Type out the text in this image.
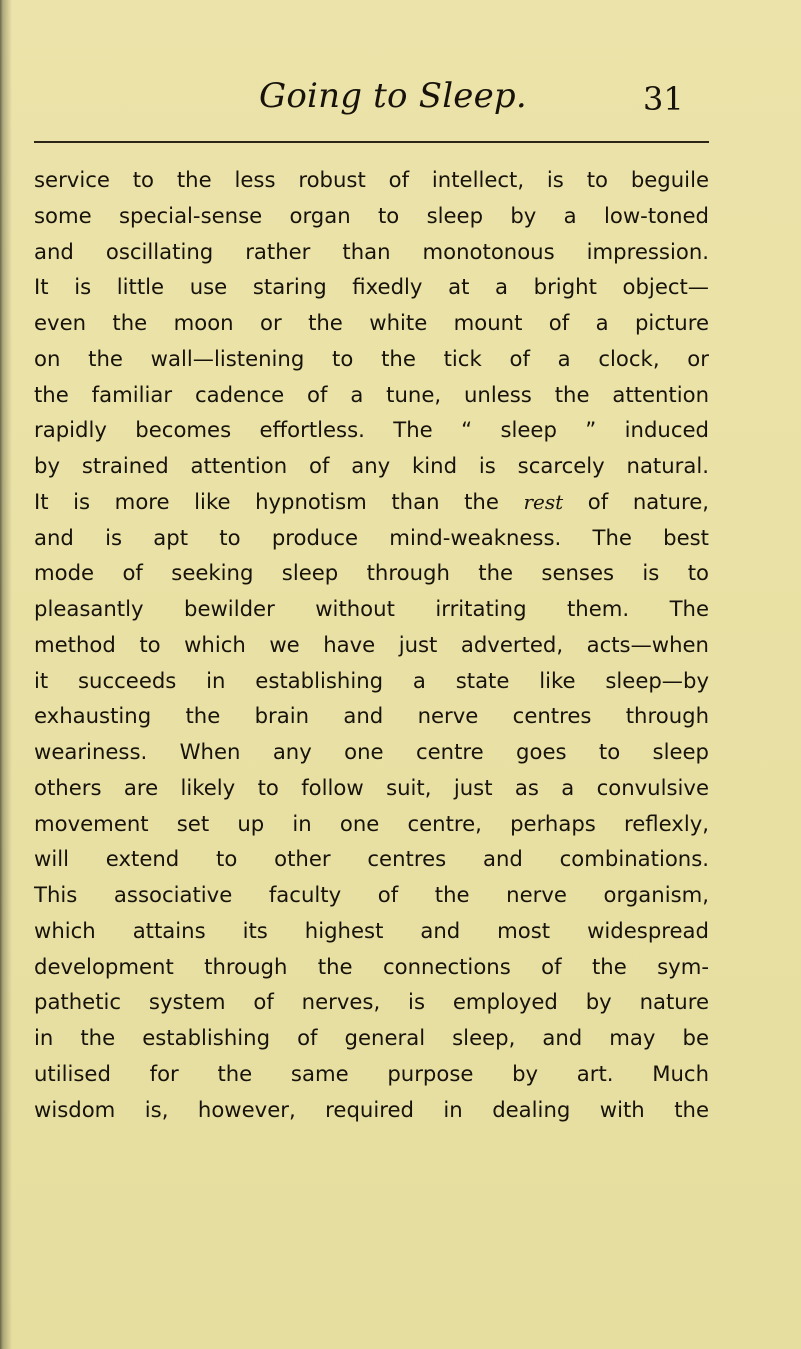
Going to Sleep.	31
service to the less robust of intellect, is to beguile
some special-sense organ to sleep by a low-toned
and oscillating rather than monotonous impression.
It is little use staring fixedly at a bright object—
even the moon or the white mount of a picture
on the wall—listening to the tick of a clock, or
the familiar cadence of a tune, unless the attention
rapidly becomes effortless. The “ sleep ” induced
by strained attention of any kind is scarcely natural.
It is more like hypnotism than the rest of nature,
and is apt to produce mind-weakness. The best
mode of seeking sleep through the senses is to
pleasantly bewilder without irritating them. The
method to which we have just adverted, acts—when
it succeeds in establishing a state like sleep—by
exhausting the brain and nerve centres through
weariness. When any one centre goes to sleep
others are likely to follow suit, just as a convulsive
movement set up in one centre, perhaps reflexly,
will extend to other centres and combinations.
This associative faculty of the nerve organism,
which attains its highest and most widespread
development through the connections of the sym-
pathetic system of nerves, is employed by nature
in the establishing of general sleep, and may be
utilised for the same purpose by art. Much
wisdom is, however, required in dealing with the
